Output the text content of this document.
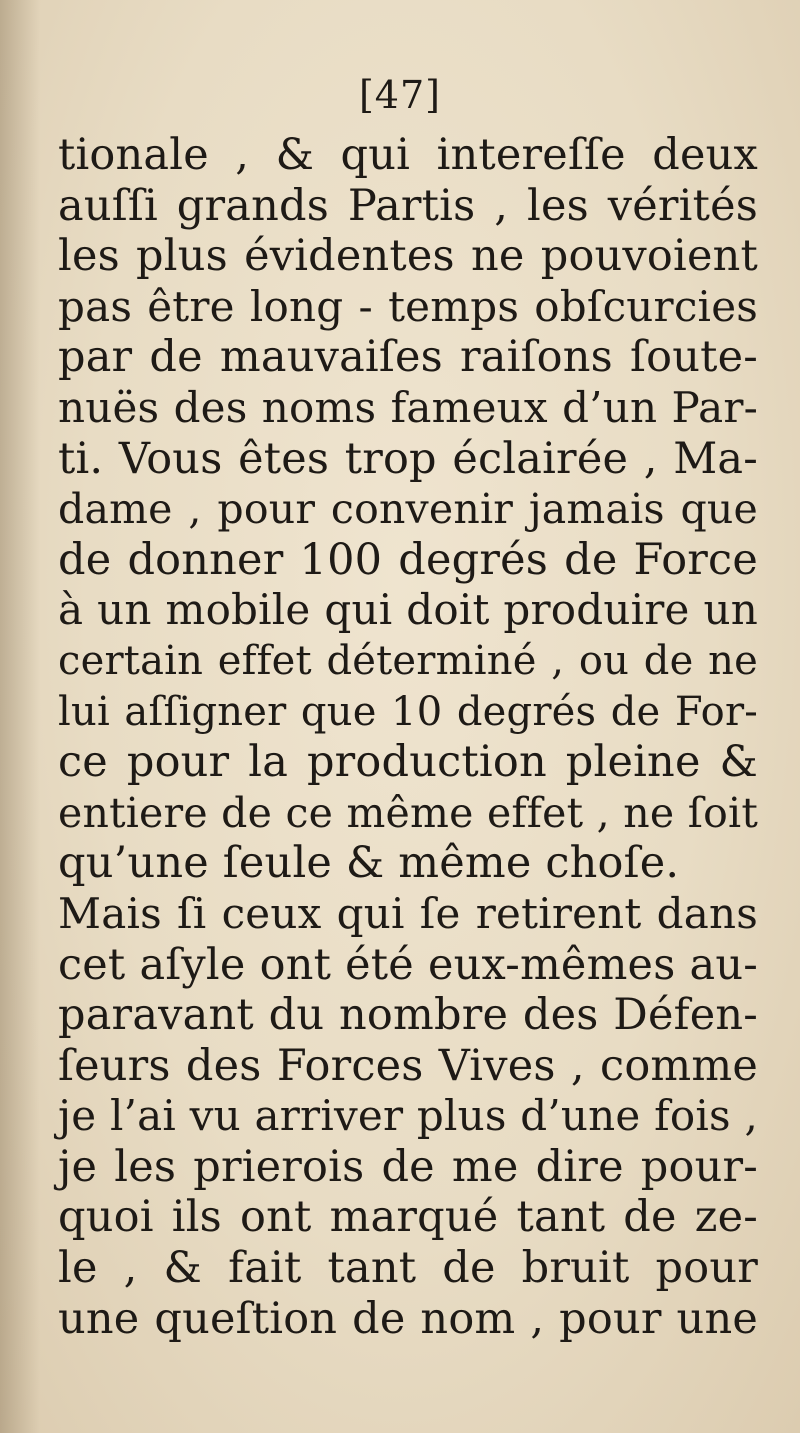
[47]
tionale , & qui intereſſe deux
auſſi grands Partis , les vérités
les plus évidentes ne pouvoient
pas être long - temps obſcurcies
par de mauvaiſes raiſons ſoute-
nuës des noms fameux d’un Par-
ti. Vous êtes trop éclairée , Ma-
dame , pour convenir jamais que
de donner 100 degrés de Force
à un mobile qui doit produire un
certain effet déterminé , ou de ne
lui aſſigner que 10 degrés de For-
ce pour la production pleine &
entiere de ce même effet , ne ſoit
qu’une ſeule & même choſe.
Mais ſi ceux qui ſe retirent dans
cet aſyle ont été eux-mêmes au-
paravant du nombre des Défen-
ſeurs des Forces Vives , comme
je l’ai vu arriver plus d’une fois ,
je les prierois de me dire pour-
quoi ils ont marqué tant de ze-
le , & fait tant de bruit pour
une queſtion de nom , pour une
